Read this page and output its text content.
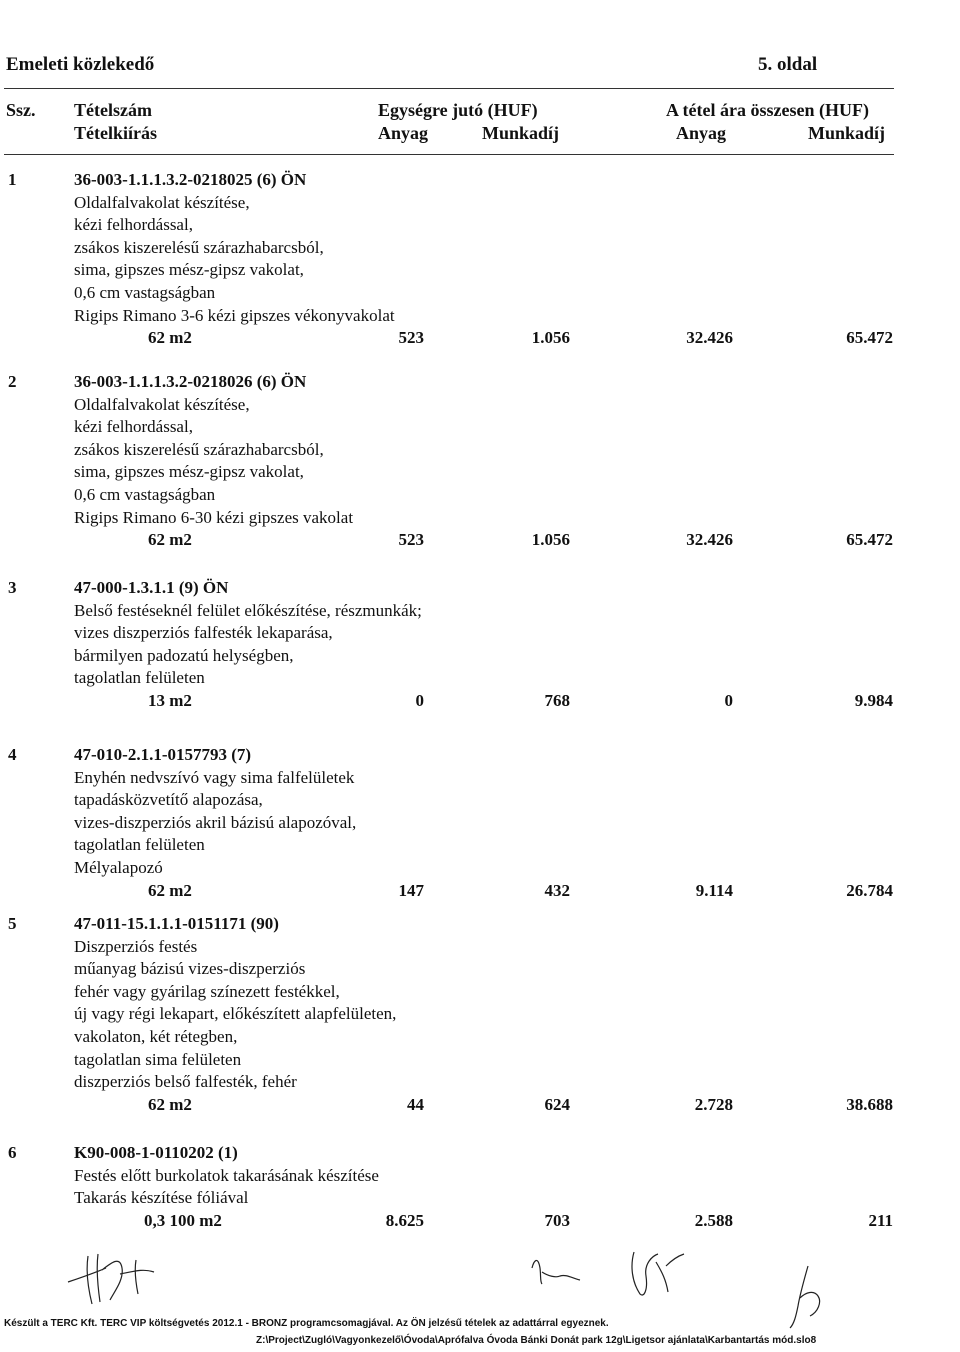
Emeleti közlekedő	5. oldal
Ssz. Tételszám
Tételkiírás
Egységre jutó (HUF)
Anyag	Munkadíj
A tétel ára összesen (HUF)
Anyag	Munkadíj
1	36-003-1.1.1.3.2-0218025 (6) ÖN
Oldalfalvakolat készítése,
kézi felhordással,
zsákos kiszerelésű szárazhabarcsból,
sima, gipszes mész-gipsz vakolat,
0,6 cm vastagságban
Rigips Rimano 3-6 kézi gipszes vékonyvakolat
62 m2	523	1.056	32.426	65.472
2	36-003-1.1.1.3.2-0218026 (6) ÖN
Oldalfalvakolat készítése,
kézi felhordással,
zsákos kiszerelésű szárazhabarcsból,
sima, gipszes mész-gipsz vakolat,
0,6 cm vastagságban
Rigips Rimano 6-30 kézi gipszes vakolat
62 m2	523	1.056	32.426	65.472
3	47-000-1.3.1.1 (9) ÖN
Belső festéseknél felület előkészítése, részmunkák;
vizes diszperziós falfesték lekaparása,
bármilyen padozatú helységben,
tagolatlan felületen
13 m2	0	768	0	9.984
4	47-010-2.1.1-0157793 (7)
Enyhén nedvszívó vagy sima falfelületek
tapadásközvetítő alapozása,
vizes-diszperziós akril bázisú alapozóval,
tagolatlan felületen
Mélyalapozó
62 m2	147	432	9.114	26.784
5	47-011-15.1.1.1-0151171 (90)
Diszperziós festés
műanyag bázisú vizes-diszperziós
fehér vagy gyárilag színezett festékkel,
új vagy régi lekapart, előkészített alapfelületen,
vakolaton, két rétegben,
tagolatlan sima felületen
diszperziós belső falfesték, fehér
62 m2	44	624	2.728	38.688
6	K90-008-1-0110202 (1)
Festés előtt burkolatok takarásának készítése
Takarás készítése fóliával
0,3 100 m2	8.625	703	2.588	211
Készült a TERC Kft. TERC VIP költségvetés 2012.1 - BRONZ programcsomagjával. Az ÖN jelzésű tételek az adattárral egyeznek.
Z:\Project\Zugló\Vagyonkezelő\Óvoda\Aprófalva Óvoda Bánki Donát park 12g\Ligetsor ajánlata\Karbantartás mód.slo8
